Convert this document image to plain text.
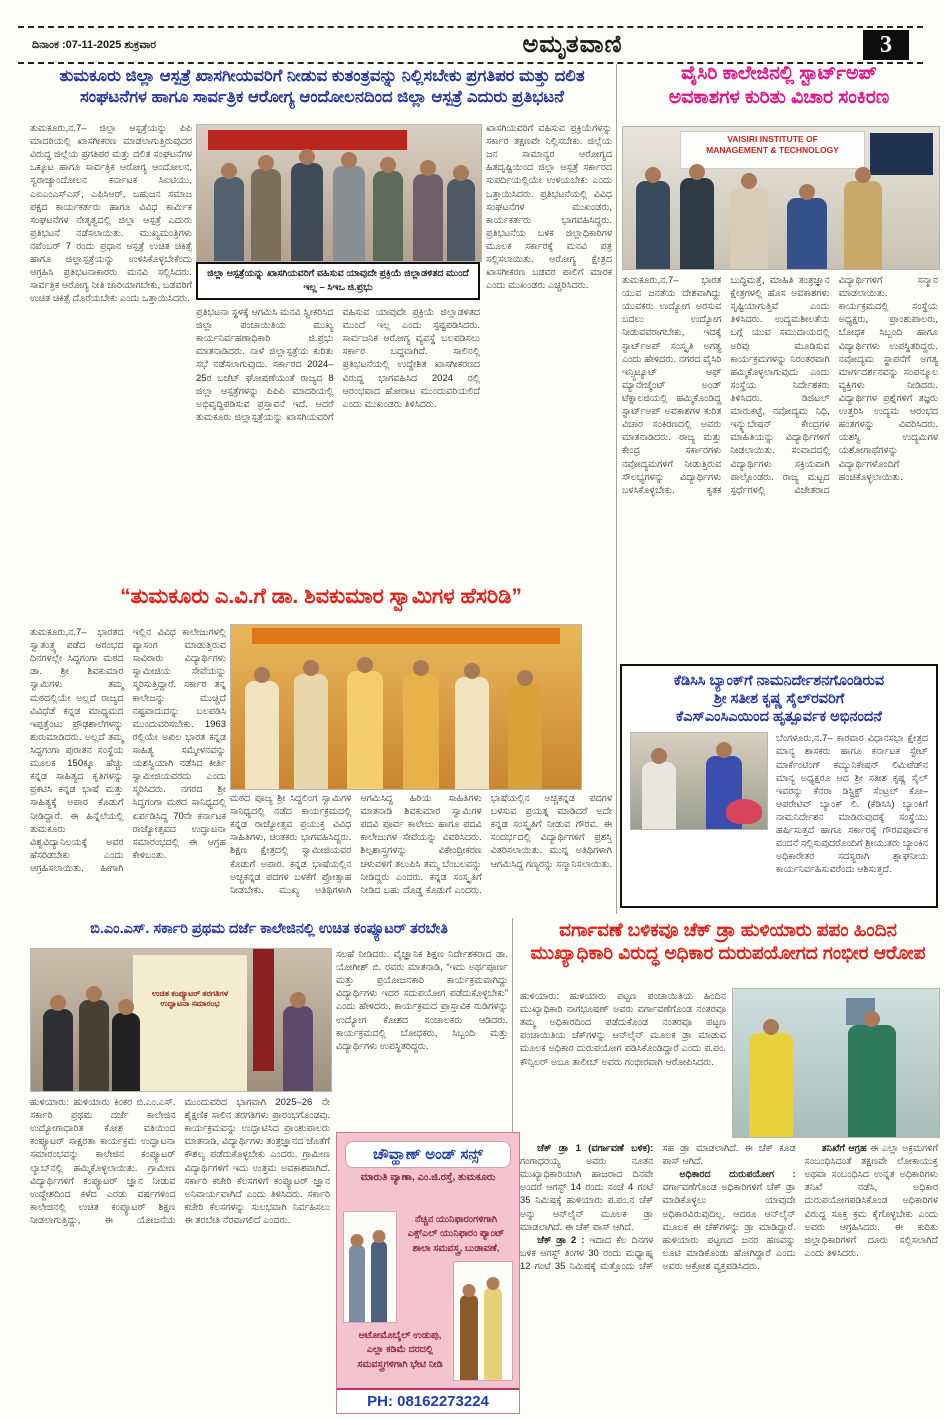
ದಿನಾಂಕ :07-11-2025 ಶುಕ್ರವಾರ	ಅಮೃತವಾಣಿ	3
ತುಮಕೂರು ಜಿಲ್ಲಾ ಆಸ್ಪತ್ರೆ ಖಾಸಗೀಯವರಿಗೆ ನೀಡುವ ಕುತಂತ್ರವನ್ನು ನಿಲ್ಲಿಸಬೇಕು ಪ್ರಗತಿಪರ ಮತ್ತು ದಲಿತ
ಸಂಘಟನೆಗಳ ಹಾಗೂ ಸಾರ್ವತ್ರಿಕ ಆರೋಗ್ಯ ಆಂದೋಲನದಿಂದ ಜಿಲ್ಲಾ ಆಸ್ಪತ್ರೆ ಎದುರು ಪ್ರತಿಭಟನೆ
ತುಮಕೂರು,ನ.7– ಜಿಲ್ಲಾ ಆಸ್ಪತ್ರೆಯನ್ನು ಪಿಪಿ ಮಾದರಿಯಲ್ಲಿ ಖಾಸಗೀಕರಣ ಮಾಡಲಾಗುತ್ತಿರುವುದರ ವಿರುದ್ಧ ಜಿಲ್ಲೆಯ ಪ್ರಗತಿಪರ ಮತ್ತು ದಲಿತ ಸಂಘಟನೆಗಳ ಒಕ್ಕೂಟ ಹಾಗೂ ಸಾರ್ವತ್ರಿಕ ಆರೋಗ್ಯ ಆಂದೋಲನ, ಸ್ವರಾಜ್ಯಾಂದೋಲನ ಕರ್ನಾಟಕ ಸಿಐಟಿಯು, ಎಐಎಂಎಸ್ಎಸ್, ಎಪಿಸಿಆರ್, ಬಹುಜನ ಸಮಾಜ ಪಕ್ಷದ ಕಾರ್ಯಕರ್ತರು ಹಾಗೂ ವಿವಿಧ ಕಾರ್ಮಿಕ ಸಂಘಟನೆಗಳ ನೇತೃತ್ವದಲ್ಲಿ ಜಿಲ್ಲಾ ಆಸ್ಪತ್ರೆ ಎದುರು ಪ್ರತಿಭಟನೆ ನಡೆಸಲಾಯಿತು. ಮುಖ್ಯಮಂತ್ರಿಗಳು ನವೆಂಬರ್ 7 ರಂದು ಪ್ರಧಾನ ಆಸ್ಪತ್ರೆ ಉಚಿತ ಚಿಕಿತ್ಸೆ ಹಾಗೂ ಜಿಲ್ಲಾಸ್ಪತ್ರೆಯನ್ನು ಉಳಿಸಿಕೊಳ್ಳಬೇಕೆಂದು ಆಗ್ರಹಿಸಿ ಪ್ರತಿಭಟನಾಕಾರರು ಮನವಿ ಸಲ್ಲಿಸಿದರು. ಸಾರ್ವತ್ರಿಕ ಆರೋಗ್ಯ ನೀತಿ ಜಾರಿಯಾಗಬೇಕು, ಬಡವರಿಗೆ ಉಚಿತ ಚಿಕಿತ್ಸೆ ದೊರೆಯಬೇಕು ಎಂದು ಒತ್ತಾಯಿಸಿದರು.
ಜಿಲ್ಲಾ ಆಸ್ಪತ್ರೆಯನ್ನು ಖಾಸಗಿಯವರಿಗೆ ವಹಿಸುವ ಯಾವುದೇ ಪ್ರಕ್ರಿಯೆ ಜಿಲ್ಲಾಡಳಿತದ ಮುಂದೆ ಇಲ್ಲ – ಸಿಇಒ ಜಿ.ಪ್ರಭು
ಪ್ರತಿಭಟನಾ ಸ್ಥಳಕ್ಕೆ ಆಗಮಿಸಿ ಮನವಿ ಸ್ವೀಕರಿಸಿದ ಜಿಲ್ಲಾ ಪಂಚಾಯಿತಿಯ ಮುಖ್ಯ ಕಾರ್ಯನಿರ್ವಹಣಾಧಿಕಾರಿ ಜಿ.ಪ್ರಭು ಮಾತನಾಡಿದರು. ನಾಳೆ ಜಿಲ್ಲಾಸ್ಪತ್ರೆಯ ಕುರಿತು ಸಭೆ ನಡೆಸಲಾಗುವುದು. ಸರ್ಕಾರದ 2024–25ರ ಬಜೆಟ್ ಘೋಷಣೆಯಂತೆ ರಾಜ್ಯದ 8 ಜಿಲ್ಲಾ ಆಸ್ಪತ್ರೆಗಳನ್ನು ಪಿಪಿಪಿ ಮಾದರಿಯಲ್ಲಿ ಅಭಿವೃದ್ಧಿಪಡಿಸುವ ಪ್ರಸ್ತಾವನೆ ಇದೆ. ಆದರೆ ತುಮಕೂರು ಜಿಲ್ಲಾಸ್ಪತ್ರೆಯನ್ನು ಖಾಸಗಿಯವರಿಗೆ ವಹಿಸುವ ಯಾವುದೇ ಪ್ರಕ್ರಿಯೆ ಜಿಲ್ಲಾಡಳಿತದ ಮುಂದೆ ಇಲ್ಲ ಎಂದು ಸ್ಪಷ್ಟಪಡಿಸಿದರು. ಸಾರ್ವಜನಿಕ ಆರೋಗ್ಯ ವ್ಯವಸ್ಥೆ ಬಲಪಡಿಸಲು ಸರ್ಕಾರ ಬದ್ಧವಾಗಿದೆ. ಸಾಲಿನಲ್ಲಿ ಪ್ರತಿಭಟನೆಯಲ್ಲಿ ಉದ್ದೇಶಿತ ಖಾಸಗೀಕರಣದ ವಿರುದ್ಧ ಭಾಗವಹಿಸಿದ 2024 ರಲ್ಲಿ ಆರಂಭವಾದ ಹೋರಾಟ ಮುಂದುವರಿಯಲಿದೆ ಎಂದು ಮುಖಂಡರು ತಿಳಿಸಿದರು.
ಖಾಸಗಿಯವರಿಗೆ ವಹಿಸುವ ಪ್ರಕ್ರಿಯೆಗಳನ್ನು ಸರ್ಕಾರ ತಕ್ಷಣವೇ ನಿಲ್ಲಿಸಬೇಕು. ಜಿಲ್ಲೆಯ ಜನ ಸಾಮಾನ್ಯರ ಆರೋಗ್ಯದ ಹಿತದೃಷ್ಟಿಯಿಂದ ಜಿಲ್ಲಾ ಆಸ್ಪತ್ರೆ ಸರ್ಕಾರದ ಸುಪರ್ದಿಯಲ್ಲಿಯೇ ಉಳಿಯಬೇಕು ಎಂದು ಒತ್ತಾಯಿಸಿದರು. ಪ್ರತಿಭಟನೆಯಲ್ಲಿ ವಿವಿಧ ಸಂಘಟನೆಗಳ ಮುಖಂಡರು, ಕಾರ್ಯಕರ್ತರು ಭಾಗವಹಿಸಿದ್ದರು. ಪ್ರತಿಭಟನೆಯ ಬಳಿಕ ಜಿಲ್ಲಾಧಿಕಾರಿಗಳ ಮೂಲಕ ಸರ್ಕಾರಕ್ಕೆ ಮನವಿ ಪತ್ರ ಸಲ್ಲಿಸಲಾಯಿತು. ಆರೋಗ್ಯ ಕ್ಷೇತ್ರದ ಖಾಸಗೀಕರಣ ಬಡವರ ಪಾಲಿಗೆ ಮಾರಕ ಎಂದು ಮುಖಂಡರು ಎಚ್ಚರಿಸಿದರು.
ವೈಸಿರಿ ಕಾಲೇಜಿನಲ್ಲಿ ಸ್ಟಾರ್ಟ್‌ಅಪ್
ಅವಕಾಶಗಳ ಕುರಿತು ವಿಚಾರ ಸಂಕಿರಣ
VAISIRI INSTITUTE OF
MANAGEMENT & TECHNOLOGY
ತುಮಕೂರು,ನ.7– ಭಾರತ ಯುವ ಜನತೆಯ ದೇಶವಾಗಿದ್ದು ಯುವಕರು ಉದ್ಯೋಗ ಅರಸುವ ಬದಲು ಉದ್ಯೋಗ ನೀಡುವವರಾಗಬೇಕು, ಇದಕ್ಕೆ ಸ್ಟಾರ್ಟ್‌ಅಪ್ ಸಂಸ್ಕೃತಿ ಅಗತ್ಯ ಎಂದು ಹೇಳಿದರು. ನಗರದ ವೈಸಿರಿ ಇನ್ಸ್ಟಿಟ್ಯೂಟ್ ಆಫ್ ಮ್ಯಾನೇಜ್ಮೆಂಟ್ ಅಂಡ್ ಟೆಕ್ನಾಲಜಿಯಲ್ಲಿ ಹಮ್ಮಿಕೊಂಡಿದ್ದ ಸ್ಟಾರ್ಟ್‌ಅಪ್ ಅವಕಾಶಗಳ ಕುರಿತ ವಿಚಾರ ಸಂಕಿರಣದಲ್ಲಿ ಅವರು ಮಾತನಾಡಿದರು. ರಾಜ್ಯ ಮತ್ತು ಕೇಂದ್ರ ಸರ್ಕಾರಗಳು ನವೋದ್ಯಮಗಳಿಗೆ ನೀಡುತ್ತಿರುವ ಸೌಲಭ್ಯಗಳನ್ನು ವಿದ್ಯಾರ್ಥಿಗಳು ಬಳಸಿಕೊಳ್ಳಬೇಕು. ಕೃತಕ ಬುದ್ಧಿಮತ್ತೆ, ಮಾಹಿತಿ ತಂತ್ರಜ್ಞಾನ ಕ್ಷೇತ್ರಗಳಲ್ಲಿ ಹೊಸ ಅವಕಾಶಗಳು ಸೃಷ್ಟಿಯಾಗುತ್ತಿವೆ ಎಂದು ತಿಳಿಸಿದರು. ಉದ್ಯಮಶೀಲತೆಯ ಬಗ್ಗೆ ಯುವ ಸಮುದಾಯದಲ್ಲಿ ಅರಿವು ಮೂಡಿಸುವ ಕಾರ್ಯಕ್ರಮಗಳನ್ನು ನಿರಂತರವಾಗಿ ಹಮ್ಮಿಕೊಳ್ಳಲಾಗುವುದು ಎಂದು ಸಂಸ್ಥೆಯ ನಿರ್ದೇಶಕರು ತಿಳಿಸಿದರು. ಡಿಜಿಟಲ್ ಮಾರುಕಟ್ಟೆ, ನವೋದ್ಯಮ ನಿಧಿ, ಇನ್ಕ್ಯುಬೇಷನ್ ಕೇಂದ್ರಗಳ ಮಾಹಿತಿಯನ್ನು ವಿದ್ಯಾರ್ಥಿಗಳಿಗೆ ನೀಡಲಾಯಿತು. ಸಂವಾದದಲ್ಲಿ ವಿದ್ಯಾರ್ಥಿಗಳು ಸಕ್ರಿಯವಾಗಿ ಪಾಲ್ಗೊಂಡರು. ರಾಜ್ಯ ಮಟ್ಟದ ಸ್ಪರ್ಧೆಗಳಲ್ಲಿ ವಿಜೇತರಾದ ವಿದ್ಯಾರ್ಥಿಗಳಿಗೆ ಸನ್ಮಾನ ಮಾಡಲಾಯಿತು. ಕಾರ್ಯಕ್ರಮದಲ್ಲಿ ಸಂಸ್ಥೆಯ ಅಧ್ಯಕ್ಷರು, ಪ್ರಾಂಶುಪಾಲರು, ಬೋಧಕ ಸಿಬ್ಬಂದಿ ಹಾಗೂ ವಿದ್ಯಾರ್ಥಿಗಳು ಉಪಸ್ಥಿತರಿದ್ದರು. ನವೋದ್ಯಮ ಸ್ಥಾಪನೆಗೆ ಅಗತ್ಯ ಮಾರ್ಗದರ್ಶನವನ್ನು ಸಂಪನ್ಮೂಲ ವ್ಯಕ್ತಿಗಳು ನೀಡಿದರು. ವಿದ್ಯಾರ್ಥಿಗಳ ಪ್ರಶ್ನೆಗಳಿಗೆ ತಜ್ಞರು ಉತ್ತರಿಸಿ ಉದ್ಯಮ ಆರಂಭದ ಹಂತಗಳನ್ನು ವಿವರಿಸಿದರು. ಯಶಸ್ವಿ ಉದ್ಯಮಿಗಳ ಯಶೋಗಾಥೆಗಳನ್ನು ವಿದ್ಯಾರ್ಥಿಗಳೊಂದಿಗೆ ಹಂಚಿಕೊಳ್ಳಲಾಯಿತು.
“ತುಮಕೂರು ಎ.ವಿ.ಗೆ ಡಾ. ಶಿವಕುಮಾರ ಸ್ವಾಮಿಗಳ ಹೆಸರಿಡಿ”
ತುಮಕೂರು,ನ.7– ಭಾರತದ ಸ್ವಾತಂತ್ರ್ಯ ಪಡೆದ ಆರಂಭದ ದಿನಗಳಲ್ಲೇ ಸಿದ್ಧಗಂಗಾ ಮಠದ ಡಾ. ಶ್ರೀ ಶಿವಕುಮಾರ ಸ್ವಾಮಿಗಳು ತಮ್ಮ ಮಠದಲ್ಲಿಯೇ ಅಲ್ಲದೆ ರಾಜ್ಯದ ವಿವಿಧೆಡೆ ಕನ್ನಡ ಮಾಧ್ಯಮದ ಇಪ್ಪತ್ತೆಂಟು ಪ್ರೌಢಶಾಲೆಗಳನ್ನು ಶುರುಮಾಡಿದರು. ಅಲ್ಲದೆ ತಮ್ಮ ಸಿದ್ಧಗಂಗಾ ಪುರಾತನ ಸಂಸ್ಥೆಯ ಮೂಲಕ 150ಕ್ಕೂ ಹೆಚ್ಚು ಕನ್ನಡ ಸಾಹಿತ್ಯದ ಕೃತಿಗಳನ್ನು ಪ್ರಕಟಿಸಿ ಕನ್ನಡ ಭಾಷೆ ಮತ್ತು ಸಾಹಿತ್ಯಕ್ಕೆ ಅಪಾರ ಕೊಡುಗೆ ನೀಡಿದ್ದಾರೆ. ಈ ಹಿನ್ನೆಲೆಯಲ್ಲಿ ತುಮಕೂರು ವಿಶ್ವವಿದ್ಯಾನಿಲಯಕ್ಕೆ ಅವರ ಹೆಸರಿಡಬೇಕು ಎಂದು ಆಗ್ರಹಿಸಲಾಯಿತು. ಹೀಗಾಗಿ ಇಲ್ಲಿನ ವಿವಿಧ ಕಾಲೇಜುಗಳಲ್ಲಿ ವ್ಯಾಸಂಗ ಮಾಡುತ್ತಿರುವ ಸಾವಿರಾರು ವಿದ್ಯಾರ್ಥಿಗಳು ಸ್ವಾಮೀಜಿಯ ಸೇವೆಯನ್ನು ಸ್ಮರಿಸುತ್ತಿದ್ದಾರೆ. ಸರ್ಕಾರ ತನ್ನ ಕಾಲೇಜನ್ನು ಮುಚ್ಚಿದೆ ನಷ್ಟವಾದುದನ್ನು ಬಲಪಡಿಸಿ ಮುಂದುವರಿಸಬೇಕು. 1963 ರಲ್ಲಿಯೇ ಅಖಿಲ ಭಾರತ ಕನ್ನಡ ಸಾಹಿತ್ಯ ಸಮ್ಮೇಳನವನ್ನು ಯಶಸ್ವಿಯಾಗಿ ನಡೆಸಿದ ಕೀರ್ತಿ ಸ್ವಾಮೀಜಿಯವರದು ಎಂದು ಸ್ಮರಿಸಿದರು. ನಗರದ ಶ್ರೀ ಸಿದ್ಧಗಂಗಾ ಮಠದ ಸಾನಿಧ್ಯದಲ್ಲಿ ಏರ್ಪಡಿಸಿದ್ದ 70ನೇ ಕರ್ನಾಟಕ ರಾಜ್ಯೋತ್ಸವದ ಉದ್ಘಾಟನಾ ಸಮಾರಂಭದಲ್ಲಿ ಈ ಆಗ್ರಹ ಕೇಳಿಬಂತು.
ಮಠದ ಪೂಜ್ಯ ಶ್ರೀ ಸಿದ್ಧಲಿಂಗ ಸ್ವಾಮಿಗಳ ಸಾನಿಧ್ಯದಲ್ಲಿ ನಡೆದ ಕಾರ್ಯಕ್ರಮದಲ್ಲಿ ಕನ್ನಡ ರಾಜ್ಯೋತ್ಸವ ಪ್ರಯುಕ್ತ ವಿವಿಧ ಸಾಹಿತಿಗಳು, ಚಿಂತಕರು ಭಾಗವಹಿಸಿದ್ದರು. ಶಿಕ್ಷಣ ಕ್ಷೇತ್ರದಲ್ಲಿ ಸ್ವಾಮೀಜಿಯವರ ಕೊಡುಗೆ ಅಪಾರ. ಕನ್ನಡ ಭಾಷೆಯಲ್ಲಿನ ಅಚ್ಚಕನ್ನಡ ಪದಗಳ ಬಳಕೆಗೆ ಪ್ರೋತ್ಸಾಹ ನೀಡಬೇಕು. ಮುಖ್ಯ ಅತಿಥಿಗಳಾಗಿ ಆಗಮಿಸಿದ್ದ ಹಿರಿಯ ಸಾಹಿತಿಗಳು ಮಾತನಾಡಿ ಶಿವಕುಮಾರ ಸ್ವಾಮಿಗಳ ಪದವಿ ಪೂರ್ವ ಕಾಲೇಜು ಹಾಗೂ ಪದವಿ ಕಾಲೇಜುಗಳ ಸೇವೆಯನ್ನು ವಿವರಿಸಿದರು. ಶಿಲ್ಪಶಾಸ್ತ್ರಗಳನ್ನು ವಿಕೇಂದ್ರೀಕರಣ ಚಳುವಳಿಗೆ ತಲುಪಿಸಿ ತಮ್ಮ ಬೆಂಬಲವನ್ನು ನೀಡಿದ್ದರು ಎಂದರು. ಕನ್ನಡ ಸಂಸ್ಕೃತಿಗೆ ನೀಡಿದ ಬಹು ದೊಡ್ಡ ಕೊಡುಗೆ ಎಂದರು. ಭಾಷೆಯಲ್ಲಿನ ಅಚ್ಚಕನ್ನಡ ಪದಗಳ ಬಳಸುವ ಪ್ರಯತ್ನ ಮಾಡಿದರೆ ಅದೇ ಕನ್ನಡ ಸಂಸ್ಕೃತಿಗೆ ನೀಡುವ ಗೌರವ. ಈ ಸಂದರ್ಭದಲ್ಲಿ ವಿದ್ಯಾರ್ಥಿಗಳಿಗೆ ಪ್ರಶಸ್ತಿ ವಿತರಿಸಲಾಯಿತು. ಮುನ್ನ ಅತಿಥಿಗಳಾಗಿ ಆಗಮಿಸಿದ್ದ ಗಣ್ಯರನ್ನು ಸನ್ಮಾನಿಸಲಾಯಿತು.
ಕೆಡಿಸಿಸಿ ಬ್ಯಾಂಕ್‌ಗೆ ನಾಮನಿರ್ದೇಶನಗೊಂಡಿರುವ
ಶ್ರೀ ಸತೀಶ ಕೃಷ್ಣ ಸೈಲ್‌ರವರಿಗೆ
ಕೆಎಸ್‌ಎಂಸಿಎಯಿಂದ ಹೃತ್ಪೂರ್ವಕ ಅಭಿನಂದನೆ
ಬೆಂಗಳೂರು,ನ.7– ಕಾರವಾರ ವಿಧಾನಸಭಾ ಕ್ಷೇತ್ರದ ಮಾನ್ಯ ಶಾಸಕರು ಹಾಗೂ ಕರ್ನಾಟಕ ಸ್ಟೇಟ್ ಮಾರ್ಕೆಂಟಿಂಗ್ ಕಮ್ಯುನಿಕೇಷನ್ ಲಿಮಿಟೆಡ್‌ನ ಮಾನ್ಯ ಅಧ್ಯಕ್ಷರೂ ಆದ ಶ್ರೀ ಸತೀಶ ಕೃಷ್ಣ ಸೈಲ್ ಇವರನ್ನು ಕೆನರಾ ಡಿಸ್ಟ್ರಿಕ್ಟ್ ಸೆಂಟ್ರಲ್ ಕೋ–ಆಪರೇಟಿವ್ ಬ್ಯಾಂಕ್ ಲಿ. (ಕೆಡಿಸಿಸಿ) ಬ್ಯಾಂಕಿಗೆ ನಾಮನಿರ್ದೇಶನ ಮಾಡಿರುವುದಕ್ಕೆ ಸಂಸ್ಥೆಯು ಹರ್ಷಿಸುತ್ತದೆ ಹಾಗೂ ಸರ್ಕಾರಕ್ಕೆ ಗೌರವಪೂರ್ವಕ ವಂದನೆ ಸಲ್ಲಿಸುವುದರೊಂದಿಗೆ ಶ್ರೀಯುತರು ಬ್ಯಾಂಕಿನ ಅಧಿಕಾರೇತರ ಸದಸ್ಯರಾಗಿ ಶ್ಲಾಘನೀಯ ಕಾರ್ಯನಿರ್ವಹಿಸುವರೆಂದು ಆಶಿಸುತ್ತದೆ.
ಬಿ.ಎಂ.ಎಸ್. ಸರ್ಕಾರಿ ಪ್ರಥಮ ದರ್ಜೆ ಕಾಲೇಜಿನಲ್ಲಿ ಉಚಿತ ಕಂಪ್ಯೂಟರ್ ತರಬೇತಿ
ಉಚಿತ ಕಂಪ್ಯೂಟರ್ ತರಗತಿಗಳ
ಉದ್ಘಾಟನಾ ಸಮಾರಂಭ
ಹುಳಿಯಾರು: ಹುಳಿಯಾರು ಕಿಂಕರ ಬಿ.ಎಂ.ಎಸ್. ಸರ್ಕಾರಿ ಪ್ರಥಮ ದರ್ಜೆ ಕಾಲೇಜಿನ ಉದ್ಯೋಗಾಧಾರಿತ ಕೋಶ ವತಿಯಿಂದ ಕಂಪ್ಯೂಟರ್ ಸಾಕ್ಷರತಾ ಕಾರ್ಯಕ್ರಮ ಉದ್ಘಾಟನಾ ಸಮಾರಂಭವನ್ನು ಕಾಲೇಜಿನ ಕಂಪ್ಯೂಟರ್ ಲ್ಯಾಬ್‌ನಲ್ಲಿ ಹಮ್ಮಿಕೊಳ್ಳಲಾಯಿತು. ಗ್ರಾಮೀಣ ವಿದ್ಯಾರ್ಥಿಗಳಿಗೆ ಕಂಪ್ಯೂಟರ್ ಜ್ಞಾನ ನೀಡುವ ಉದ್ದೇಶದಿಂದ ಕಳೆದ ಎರಡು ವರ್ಷಗಳಿಂದ ಕಾಲೇಜಿನಲ್ಲಿ ಉಚಿತ ಕಂಪ್ಯೂಟರ್ ಶಿಕ್ಷಣ ನೀಡಲಾಗುತ್ತಿದ್ದು, ಈ ಯೋಜನೆಯ ಮುಂದುವರಿದ ಭಾಗವಾಗಿ 2025–26 ನೇ ಶೈಕ್ಷಣಿಕ ಸಾಲಿನ ತರಗತಿಗಳು ಪ್ರಾರಂಭಗೊಂಡವು. ಕಾರ್ಯಕ್ರಮವನ್ನು ಉದ್ಘಾಟಿಸಿದ ಪ್ರಾಂಶುಪಾಲರು ಮಾತನಾಡಿ, ವಿದ್ಯಾರ್ಥಿಗಳು ತಂತ್ರಜ್ಞಾನದ ಜೊತೆಗೆ ಕೌಶಲ್ಯ ಪಡೆದುಕೊಳ್ಳಬೇಕು ಎಂದರು. ಗ್ರಾಮೀಣ ವಿದ್ಯಾರ್ಥಿಗಳಿಗೆ ಇದು ಉತ್ತಮ ಅವಕಾಶವಾಗಿದೆ. ಸರ್ಕಾರಿ ಕಚೇರಿ ಕೆಲಸಗಳಿಗೆ ಕಂಪ್ಯೂಟರ್ ಜ್ಞಾನ ಅನಿವಾರ್ಯವಾಗಿದೆ ಎಂದು ತಿಳಿಸಿದರು. ಸರ್ಕಾರಿ ಕಚೇರಿ ಕೆಲಸಗಳನ್ನು ಸುಲಭವಾಗಿ ನಿರ್ವಹಿಸಲು ಈ ತರಬೇತಿ ನೆರವಾಗಲಿದೆ ಎಂದರು.
ಸಲಹೆ ನೀಡಿದರು. ವೈಜ್ಞಾನಿಕ ಶಿಕ್ಷಣ ನಿರ್ದೇಶಕರಾದ ಡಾ. ಯೋಗೀಶ್ ಬಿ. ರವರು ಮಾತನಾಡಿ, “ಇದು ಅರ್ಥಪೂರ್ಣ ಮತ್ತು ಪ್ರಯೋಜನಕಾರಿ ಕಾರ್ಯಕ್ರಮವಾಗಿದ್ದು ವಿದ್ಯಾರ್ಥಿಗಳು ಇದರ ಸದುಪಯೋಗ ಪಡೆದುಕೊಳ್ಳಬೇಕು” ಎಂದು ಹೇಳಿದರು. ಕಾರ್ಯಕ್ರಮದ ಪ್ರಾಸ್ತಾವಿಕ ನುಡಿಗಳನ್ನು ಉದ್ಯೋಗ ಕೋಶದ ಸಂಚಾಲಕರು ಆಡಿದರು. ಕಾರ್ಯಕ್ರಮದಲ್ಲಿ ಬೋಧಕರು, ಸಿಬ್ಬಂದಿ ಮತ್ತು ವಿದ್ಯಾರ್ಥಿಗಳು ಉಪಸ್ಥಿತರಿದ್ದರು.
ಚೌವ್ಹಾಣ್ ಅಂಡ್ ಸನ್ಸ್
ಮಾರುತಿ ವ್ಯಾಣಾ, ಎಂ.ಜಿ.ರಸ್ತೆ, ತುಮಕೂರು
ನೆಚ್ಚಿನ ಯುನಿಫಾರಂಗಳಿಗಾಗಿ
ಎಕ್ಸ್‌ಎಲ್ ಯುನಿಫಾರಂ ಪ್ಯಾಂಟ್
ಶಾಲಾ ಸಮವಸ್ತ್ರ, ಬುಡಾವಣೆ,
ಆಟೋಮೊಬೈಲ್ ಉಡುಪು,
ಎಲ್ಲಾ ಕಡಿಮೆ ದರದಲ್ಲಿ
ಸಮವಸ್ತ್ರಗಳಿಗಾಗಿ ಭೇಟಿ ನೀಡಿ
PH: 08162273224
ವರ್ಗಾವಣೆ ಬಳಿಕವೂ ಚೆಕ್ ಡ್ರಾ ಹುಳಿಯಾರು ಪಪಂ ಹಿಂದಿನ
ಮುಖ್ಯಾಧಿಕಾರಿ ವಿರುದ್ಧ ಅಧಿಕಾರ ದುರುಪಯೋಗದ ಗಂಭೀರ ಆರೋಪ
ಹುಳಿಯಾರು: ಹುಳಿಯಾರು ಪಟ್ಟಣ ಪಂಚಾಯಿತಿಯ ಹಿಂದಿನ ಮುಖ್ಯಾಧಿಕಾರಿ ನಾಗಭೂಷಣ್ ಅವರು ವರ್ಗಾವಣೆಗೊಂಡ ನಂತರವೂ ತಮ್ಮ ಅಧಿಕಾರದಿಂದ ಪಡೆದುಕೊಂಡ ನಂತರವೂ ಪಟ್ಟಣ ಪಂಚಾಯಿತಿಯ ಚೆಕ್‌ಗಳನ್ನು ಆನ್‌ಲೈನ್ ಮೂಲಕ ಡ್ರಾ ಮಾಡುವ ಮೂಲಕ ಅಧಿಕಾರ ದುರುಪಯೋಗ ಪಡಿಸಿಕೊಂಡಿದ್ದಾರೆ ಎಂದು ಪ.ಪಂ. ಕೌನ್ಸಿಲರ್ ಅಬೂ ತಾಲೀಬ್ ಅವರು ಗಂಭೀರವಾಗಿ ಆರೋಪಿಸಿದರು.

ಚೆಕ್ ಡ್ರಾ 1 (ವರ್ಗಾವಣೆ ಬಳಿಕ): ಗಂಗಾಧರಯ್ಯ ಅವರು ನೂತನ ಮುಖ್ಯಾಧಿಕಾರಿಯಾಗಿ ಹಾಜರಾದ ದಿನವೇ ಅಂದರೆ ಆಗಸ್ಟ್ 14 ರಂದು ಸಂಜೆ 4 ಗಂಟೆ 35 ನಿಮಿಷಕ್ಕೆ ಹುಳಿಯಾರು ಪ.ಪಂ.ನ ಚೆಕ್ ಅನ್ನು ಆನ್‌ಲೈನ್ ಮೂಲಕ ಡ್ರಾ ಮಾಡಲಾಗಿದೆ. ಈ ಚೆಕ್ ಪಾಸ್ ಆಗಿದೆ.

ಚೆಕ್ ಡ್ರಾ 2 : ಇದಾದ ಕೆಲ ದಿನಗಳ ಬಳಿಕ ಆಗಸ್ಟ್ ತಿಂಗಳ 30 ರಂದು ಮಧ್ಯಾಹ್ನ 12 ಗಂಟೆ 35 ನಿಮಿಷಕ್ಕೆ ಮತ್ತೊಂದು ಚೆಕ್ ಸಹ ಡ್ರಾ ಮಾಡಲಾಗಿದೆ. ಈ ಚೆಕ್ ಕೂಡ ಪಾಸ್ ಆಗಿದೆ.

ಅಧಿಕಾರದ ದುರುಪಯೋಗ : ವರ್ಗಾವಣೆಗೊಂಡ ಅಧಿಕಾರಿಗಳಿಗೆ ಚೆಕ್ ಡ್ರಾ ಮಾಡಿಕೊಳ್ಳಲು ಯಾವುದೇ ಅಧಿಕಾರವಿರುವುದಿಲ್ಲ. ಆದರೂ ಆನ್‌ಲೈನ್ ಮೂಲಕ ಈ ಚೆಕ್‌ಗಳನ್ನು ಡ್ರಾ ಮಾಡಿದ್ದಾರೆ. ಹುಳಿಯಾರು ಪಟ್ಟಣದ ಜನರ ಹಣವನ್ನು ಲೂಟಿ ಮಾಡಿಕೊಂಡು ಹೋಗಿದ್ದಾರೆ ಎಂದು ಅವರು ಆಕ್ರೋಶ ವ್ಯಕ್ತಪಡಿಸಿದರು.

ತನಿಖೆಗೆ ಆಗ್ರಹ ಈ ಎಲ್ಲಾ ಅಕ್ರಮಗಳಿಗೆ ಸಂಬಂಧಿಸಿದಂತೆ ತಕ್ಷಣವೇ ಲೋಕಾಯುಕ್ತ ಅಥವಾ ಸಂಬಂಧಿಸಿದ ಉನ್ನತ ಅಧಿಕಾರಿಗಳು ತನಿಖೆ ನಡೆಸಿ, ಅಧಿಕಾರ ದುರುಪಯೋಗಪಡಿಸಿಕೊಂಡ ಅಧಿಕಾರಿಗಳ ವಿರುದ್ಧ ಸೂಕ್ತ ಕ್ರಮ ಕೈಗೊಳ್ಳಬೇಕು ಎಂದು ಅವರು ಆಗ್ರಹಿಸಿದರು. ಈ ಕುರಿತು ಜಿಲ್ಲಾಧಿಕಾರಿಗಳಿಗೆ ದೂರು ಸಲ್ಲಿಸಲಾಗಿದೆ ಎಂದು ತಿಳಿಸಿದರು.
